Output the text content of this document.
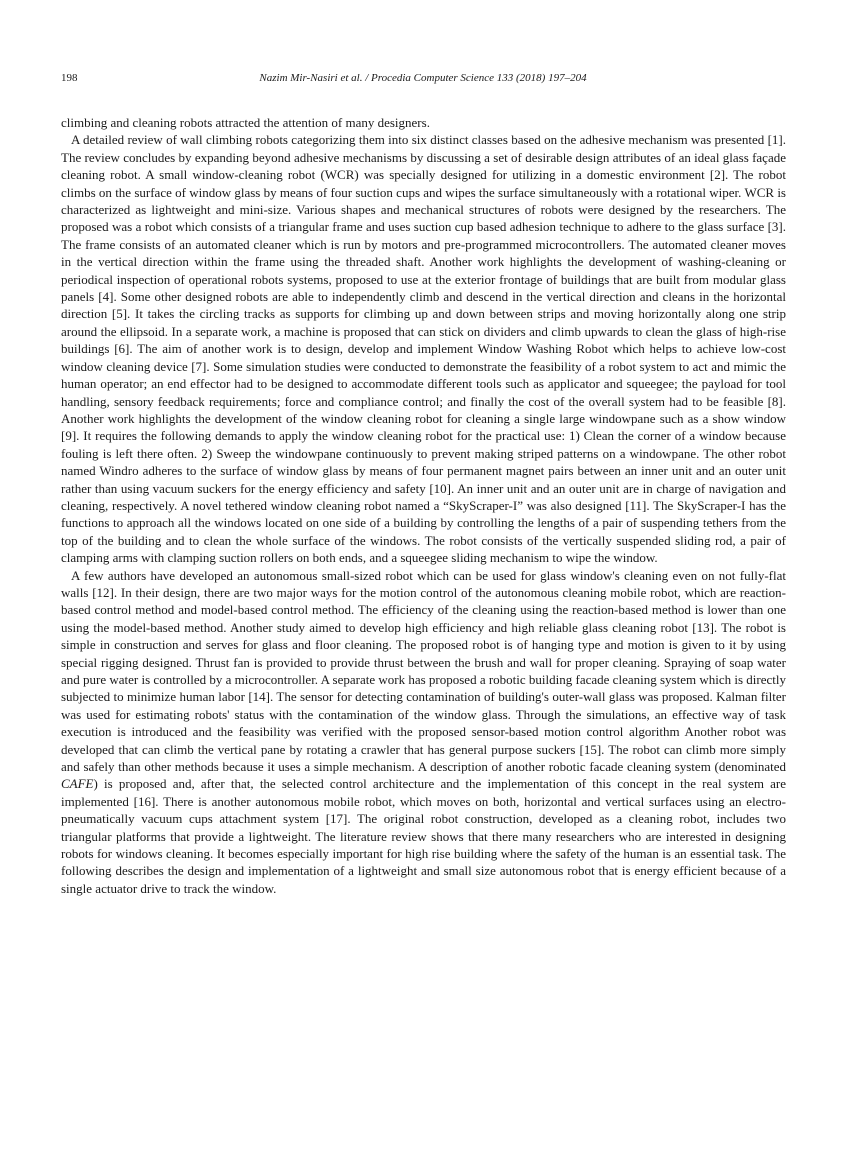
198	Nazim Mir-Nasiri et al. / Procedia Computer Science 133 (2018) 197–204

climbing and cleaning robots attracted the attention of many designers.

A detailed review of wall climbing robots categorizing them into six distinct classes based on the adhesive mechanism was presented [1]. The review concludes by expanding beyond adhesive mechanisms by discussing a set of desirable design attributes of an ideal glass façade cleaning robot. A small window-cleaning robot (WCR) was specially designed for utilizing in a domestic environment [2]. The robot climbs on the surface of window glass by means of four suction cups and wipes the surface simultaneously with a rotational wiper. WCR is characterized as lightweight and mini-size. Various shapes and mechanical structures of robots were designed by the researchers. The proposed was a robot which consists of a triangular frame and uses suction cup based adhesion technique to adhere to the glass surface [3]. The frame consists of an automated cleaner which is run by motors and pre-programmed microcontrollers. The automated cleaner moves in the vertical direction within the frame using the threaded shaft. Another work highlights the development of washing-cleaning or periodical inspection of operational robots systems, proposed to use at the exterior frontage of buildings that are built from modular glass panels [4]. Some other designed robots are able to independently climb and descend in the vertical direction and cleans in the horizontal direction [5]. It takes the circling tracks as supports for climbing up and down between strips and moving horizontally along one strip around the ellipsoid. In a separate work, a machine is proposed that can stick on dividers and climb upwards to clean the glass of high-rise buildings [6]. The aim of another work is to design, develop and implement Window Washing Robot which helps to achieve low-cost window cleaning device [7]. Some simulation studies were conducted to demonstrate the feasibility of a robot system to act and mimic the human operator; an end effector had to be designed to accommodate different tools such as applicator and squeegee; the payload for tool handling, sensory feedback requirements; force and compliance control; and finally the cost of the overall system had to be feasible [8]. Another work highlights the development of the window cleaning robot for cleaning a single large windowpane such as a show window [9]. It requires the following demands to apply the window cleaning robot for the practical use: 1) Clean the corner of a window because fouling is left there often. 2) Sweep the windowpane continuously to prevent making striped patterns on a windowpane. The other robot named Windro adheres to the surface of window glass by means of four permanent magnet pairs between an inner unit and an outer unit rather than using vacuum suckers for the energy efficiency and safety [10]. An inner unit and an outer unit are in charge of navigation and cleaning, respectively. A novel tethered window cleaning robot named a “SkyScraper-I” was also designed [11]. The SkyScraper-I has the functions to approach all the windows located on one side of a building by controlling the lengths of a pair of suspending tethers from the top of the building and to clean the whole surface of the windows. The robot consists of the vertically suspended sliding rod, a pair of clamping arms with clamping suction rollers on both ends, and a squeegee sliding mechanism to wipe the window.

A few authors have developed an autonomous small-sized robot which can be used for glass window's cleaning even on not fully-flat walls [12]. In their design, there are two major ways for the motion control of the autonomous cleaning mobile robot, which are reaction-based control method and model-based control method. The efficiency of the cleaning using the reaction-based method is lower than one using the model-based method. Another study aimed to develop high efficiency and high reliable glass cleaning robot [13]. The robot is simple in construction and serves for glass and floor cleaning. The proposed robot is of hanging type and motion is given to it by using special rigging designed. Thrust fan is provided to provide thrust between the brush and wall for proper cleaning. Spraying of soap water and pure water is controlled by a microcontroller. A separate work has proposed a robotic building facade cleaning system which is directly subjected to minimize human labor [14]. The sensor for detecting contamination of building's outer-wall glass was proposed. Kalman filter was used for estimating robots' status with the contamination of the window glass. Through the simulations, an effective way of task execution is introduced and the feasibility was verified with the proposed sensor-based motion control algorithm Another robot was developed that can climb the vertical pane by rotating a crawler that has general purpose suckers [15]. The robot can climb more simply and safely than other methods because it uses a simple mechanism. A description of another robotic facade cleaning system (denominated CAFE) is proposed and, after that, the selected control architecture and the implementation of this concept in the real system are implemented [16]. There is another autonomous mobile robot, which moves on both, horizontal and vertical surfaces using an electro-pneumatically vacuum cups attachment system [17]. The original robot construction, developed as a cleaning robot, includes two triangular platforms that provide a lightweight. The literature review shows that there many researchers who are interested in designing robots for windows cleaning. It becomes especially important for high rise building where the safety of the human is an essential task. The following describes the design and implementation of a lightweight and small size autonomous robot that is energy efficient because of a single actuator drive to track the window.
